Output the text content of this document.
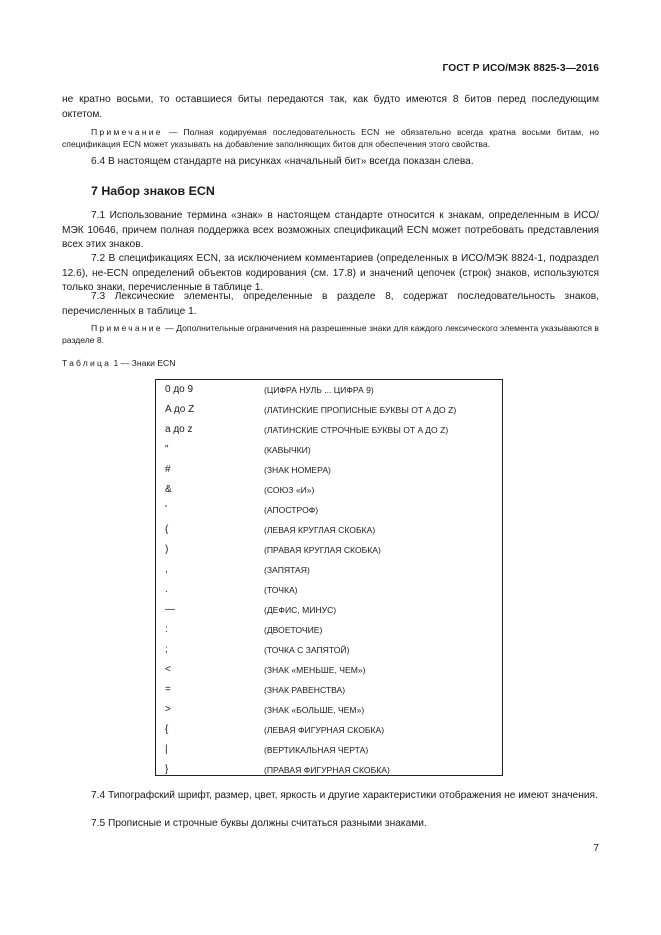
ГОСТ Р ИСО/МЭК 8825-3—2016
не кратно восьми, то оставшиеся биты передаются так, как будто имеются 8 битов перед последующим октетом.
Примечание — Полная кодируемая последовательность ECN не обязательно всегда кратна восьми битам, но спецификация ECN может указывать на добавление заполняющих битов для обеспечения этого свойства.
6.4 В настоящем стандарте на рисунках «начальный бит» всегда показан слева.
7 Набор знаков ECN
7.1 Использование термина «знак» в настоящем стандарте относится к знакам, определенным в ИСО/МЭК 10646, причем полная поддержка всех возможных спецификаций ECN может потребовать представления всех этих знаков.
7.2 В спецификациях ECN, за исключением комментариев (определенных в ИСО/МЭК 8824-1, подраздел 12.6), не-ECN определений объектов кодирования (см. 17.8) и значений цепочек (строк) знаков, используются только знаки, перечисленные в таблице 1.
7.3 Лексические элементы, определенные в разделе 8, содержат последовательность знаков, перечисленных в таблице 1.
Примечание — Дополнительные ограничения на разрешенные знаки для каждого лексического элемента указываются в разделе 8.
Таблица 1 — Знаки ECN
0 до 9	(ЦИФРА НУЛЬ ... ЦИФРА 9)
A до Z	(ЛАТИНСКИЕ ПРОПИСНЫЕ БУКВЫ ОТ A ДО Z)
a до z	(ЛАТИНСКИЕ СТРОЧНЫЕ БУКВЫ ОТ A ДО Z)
"	(КАВЫЧКИ)
#	(ЗНАК НОМЕРА)
&	(СОЮЗ «И»)
'	(АПОСТРОФ)
(	(ЛЕВАЯ КРУГЛАЯ СКОБКА)
)	(ПРАВАЯ КРУГЛАЯ СКОБКА)
,	(ЗАПЯТАЯ)
.	(ТОЧКА)
—	(ДЕФИС, МИНУС)
:	(ДВОЕТОЧИЕ)
;	(ТОЧКА С ЗАПЯТОЙ)
<	(ЗНАК «МЕНЬШЕ, ЧЕМ»)
=	(ЗНАК РАВЕНСТВА)
>	(ЗНАК «БОЛЬШЕ, ЧЕМ»)
{	(ЛЕВАЯ ФИГУРНАЯ СКОБКА)
|	(ВЕРТИКАЛЬНАЯ ЧЕРТА)
}	(ПРАВАЯ ФИГУРНАЯ СКОБКА)
7.4 Типографский шрифт, размер, цвет, яркость и другие характеристики отображения не имеют значения.
7.5 Прописные и строчные буквы должны считаться разными знаками.
7
